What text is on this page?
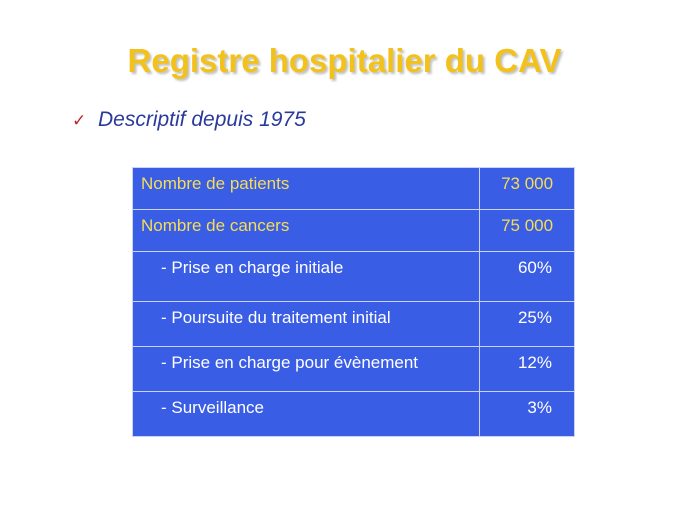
Registre hospitalier du CAV
✓ Descriptif depuis 1975
Nombre de patients	73 000
Nombre de cancers	75 000
- Prise en charge initiale	60%
- Poursuite du traitement initial	25%
- Prise en charge pour évènement	12%
- Surveillance	3%
